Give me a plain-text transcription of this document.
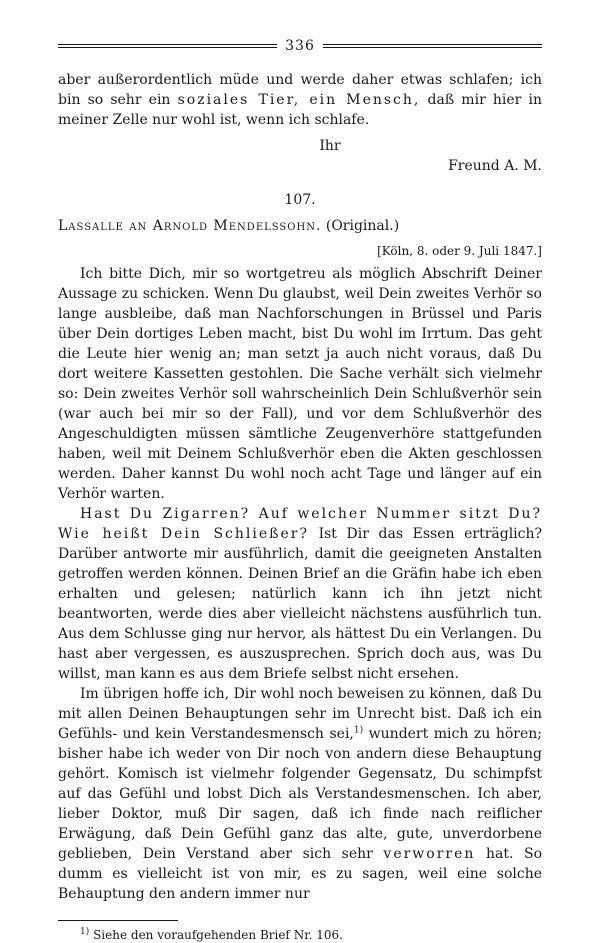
336

aber außerordentlich müde und werde daher etwas schlafen; ich bin so sehr ein soziales Tier, ein Mensch, daß mir hier in meiner Zelle nur wohl ist, wenn ich schlafe.

Ihr
Freund A. M.
107.
Lassalle an Arnold Mendelssohn. (Original.)
[Köln, 8. oder 9. Juli 1847.]

Ich bitte Dich, mir so wortgetreu als möglich Abschrift Deiner Aussage zu schicken. Wenn Du glaubst, weil Dein zweites Verhör so lange ausbleibe, daß man Nachforschungen in Brüssel und Paris über Dein dortiges Leben macht, bist Du wohl im Irrtum. Das geht die Leute hier wenig an; man setzt ja auch nicht voraus, daß Du dort weitere Kassetten gestohlen. Die Sache verhält sich vielmehr so: Dein zweites Verhör soll wahrscheinlich Dein Schlußverhör sein (war auch bei mir so der Fall), und vor dem Schlußverhör des Angeschuldigten müssen sämtliche Zeugenverhöre stattgefunden haben, weil mit Deinem Schlußverhör eben die Akten geschlossen werden. Daher kannst Du wohl noch acht Tage und länger auf ein Verhör warten.

Hast Du Zigarren? Auf welcher Nummer sitzt Du? Wie heißt Dein Schließer? Ist Dir das Essen erträglich? Darüber antworte mir ausführlich, damit die geeigneten Anstalten getroffen werden können. Deinen Brief an die Gräfin habe ich eben erhalten und gelesen; natürlich kann ich ihn jetzt nicht beantworten, werde dies aber vielleicht nächstens ausführlich tun. Aus dem Schlusse ging nur hervor, als hättest Du ein Verlangen. Du hast aber vergessen, es auszusprechen. Sprich doch aus, was Du willst, man kann es aus dem Briefe selbst nicht ersehen.

Im übrigen hoffe ich, Dir wohl noch beweisen zu können, daß Du mit allen Deinen Behauptungen sehr im Unrecht bist. Daß ich ein Gefühls- und kein Verstandesmensch sei,$^{1)}$ wundert mich zu hören; bisher habe ich weder von Dir noch von andern diese Behauptung gehört. Komisch ist vielmehr folgender Gegensatz, Du schimpfst auf das Gefühl und lobst Dich als Verstandesmenschen. Ich aber, lieber Doktor, muß Dir sagen, daß ich finde nach reiflicher Erwägung, daß Dein Gefühl ganz das alte, gute, unverdorbene geblieben, Dein Verstand aber sich sehr verworren hat. So dumm es vielleicht ist von mir, es zu sagen, weil eine solche Behauptung den andern immer nur

$^{1)}$ Siehe den voraufgehenden Brief Nr. 106.
